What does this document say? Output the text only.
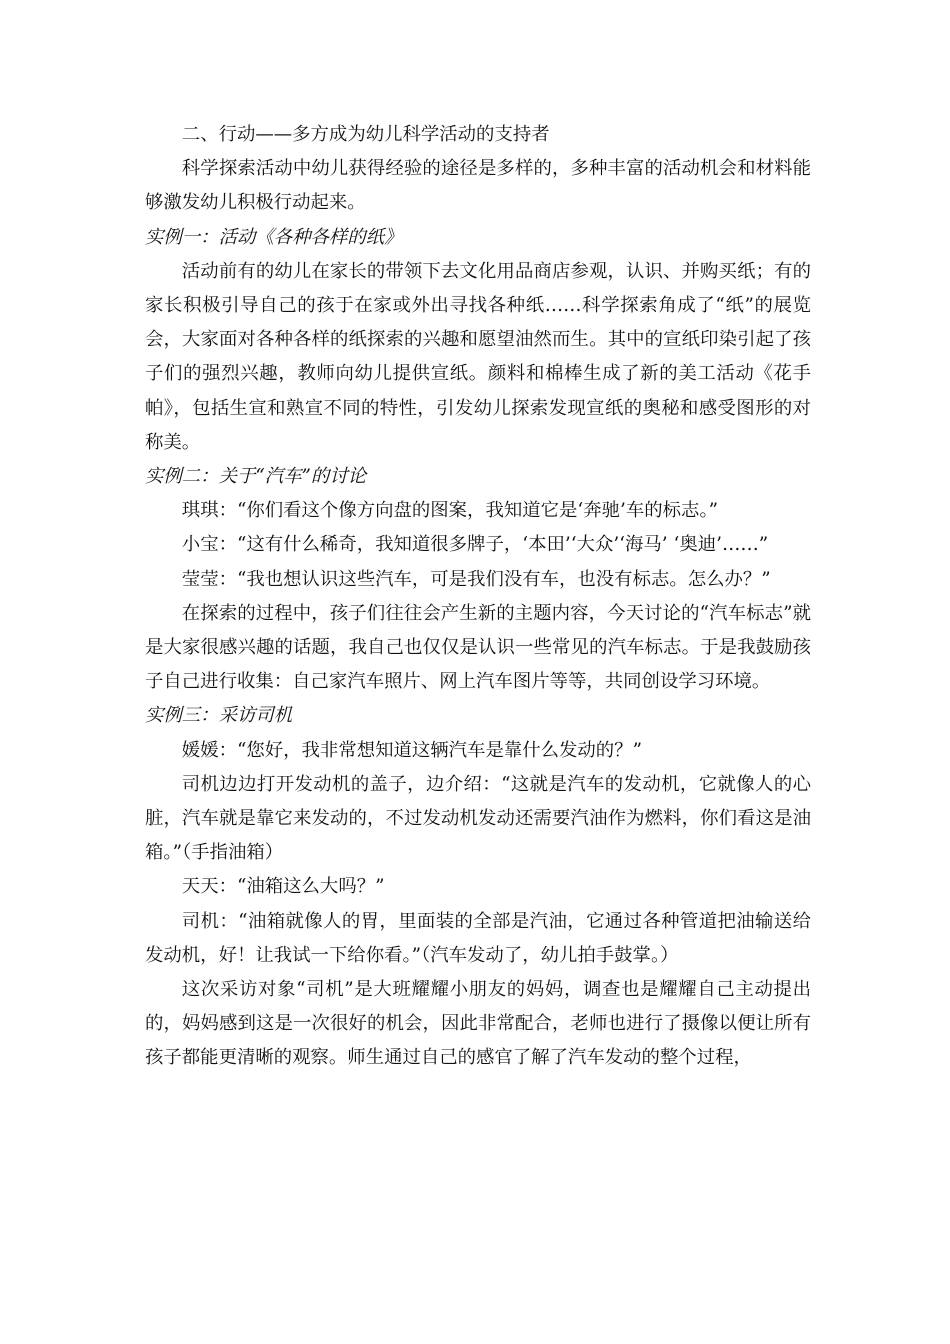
二、行动——多方成为幼儿科学活动的支持者

科学探索活动中幼儿获得经验的途径是多样的，多种丰富的活动机会和材料能够激发幼儿积极行动起来。

实例一：活动《各种各样的纸》

活动前有的幼儿在家长的带领下去文化用品商店参观，认识、并购买纸；有的家长积极引导自己的孩于在家或外出寻找各种纸……科学探索角成了“纸”的展览会，大家面对各种各样的纸探索的兴趣和愿望油然而生。其中的宣纸印染引起了孩子们的强烈兴趣，教师向幼儿提供宣纸。颜料和棉棒生成了新的美工活动《花手帕》，包括生宣和熟宣不同的特性，引发幼儿探索发现宣纸的奥秘和感受图形的对称美。

实例二：关于“汽车”的讨论

琪琪：“你们看这个像方向盘的图案，我知道它是‘奔驰’车的标志。”

小宝：“这有什么稀奇，我知道很多牌子，‘本田’‘大众’‘海马’ ‘奥迪’……”

莹莹：“我也想认识这些汽车，可是我们没有车，也没有标志。怎么办？”

在探索的过程中，孩子们往往会产生新的主题内容，今天讨论的“汽车标志”就是大家很感兴趣的话题，我自己也仅仅是认识一些常见的汽车标志。于是我鼓励孩子自己进行收集：自己家汽车照片、网上汽车图片等等，共同创设学习环境。

实例三：采访司机

媛媛：“您好，我非常想知道这辆汽车是靠什么发动的？”

司机边边打开发动机的盖子，边介绍：“这就是汽车的发动机，它就像人的心脏，汽车就是靠它来发动的，不过发动机发动还需要汽油作为燃料，你们看这是油箱。”（手指油箱）

天天：“油箱这么大吗？”

司机：“油箱就像人的胃，里面装的全部是汽油，它通过各种管道把油输送给发动机，好！让我试一下给你看。”（汽车发动了，幼儿拍手鼓掌。）

这次采访对象“司机”是大班耀耀小朋友的妈妈，调查也是耀耀自己主动提出的，妈妈感到这是一次很好的机会，因此非常配合，老师也进行了摄像以便让所有孩子都能更清晰的观察。师生通过自己的感官了解了汽车发动的整个过程，
